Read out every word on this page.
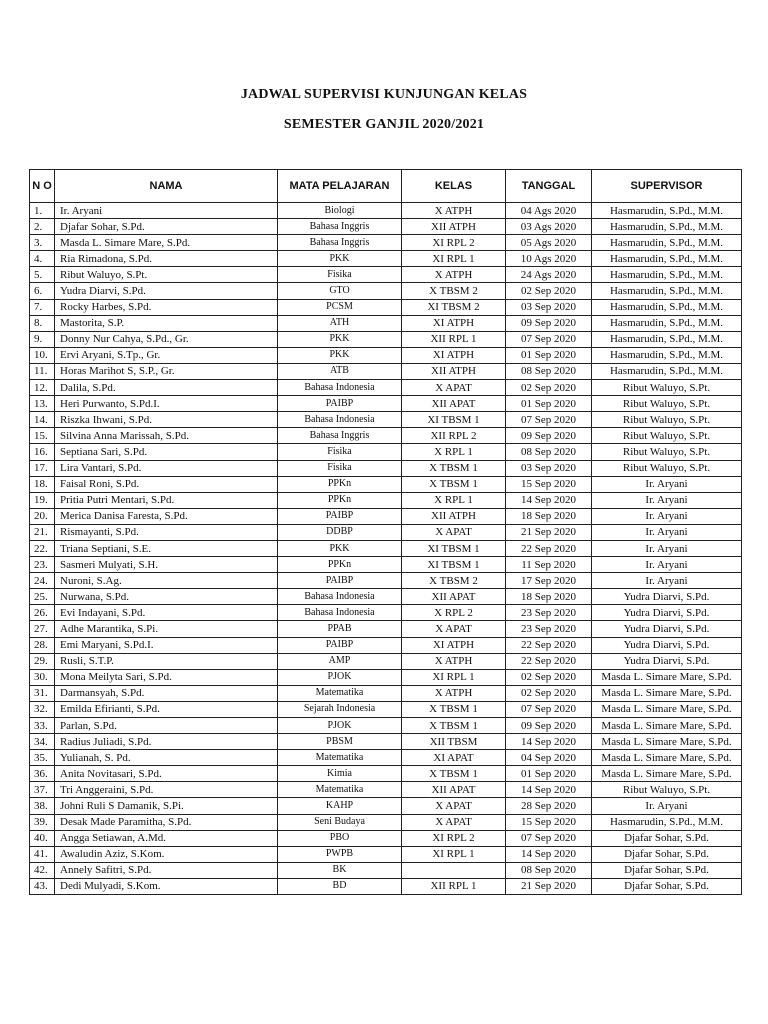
JADWAL SUPERVISI KUNJUNGAN KELAS
SEMESTER GANJIL 2020/2021
N O	NAMA	MATA PELAJARAN	KELAS	TANGGAL	SUPERVISOR
1.	Ir. Aryani	Biologi	X ATPH	04 Ags 2020	Hasmarudin, S.Pd., M.M.
2.	Djafar Sohar, S.Pd.	Bahasa Inggris	XII ATPH	03 Ags 2020	Hasmarudin, S.Pd., M.M.
3.	Masda L. Simare Mare, S.Pd.	Bahasa Inggris	XI RPL 2	05 Ags 2020	Hasmarudin, S.Pd., M.M.
4.	Ria Rimadona, S.Pd.	PKK	XI RPL 1	10 Ags 2020	Hasmarudin, S.Pd., M.M.
5.	Ribut Waluyo, S.Pt.	Fisika	X ATPH	24 Ags 2020	Hasmarudin, S.Pd., M.M.
6.	Yudra Diarvi, S.Pd.	GTO	X TBSM 2	02 Sep 2020	Hasmarudin, S.Pd., M.M.
7.	Rocky Harbes, S.Pd.	PCSM	XI TBSM 2	03 Sep 2020	Hasmarudin, S.Pd., M.M.
8.	Mastorita, S.P.	ATH	XI ATPH	09 Sep 2020	Hasmarudin, S.Pd., M.M.
9.	Donny Nur Cahya, S.Pd., Gr.	PKK	XII RPL 1	07 Sep 2020	Hasmarudin, S.Pd., M.M.
10.	Ervi Aryani, S.Tp., Gr.	PKK	XI ATPH	01 Sep 2020	Hasmarudin, S.Pd., M.M.
11.	Horas Marihot S, S.P., Gr.	ATB	XII ATPH	08 Sep 2020	Hasmarudin, S.Pd., M.M.
12.	Dalila, S.Pd.	Bahasa Indonesia	X APAT	02 Sep 2020	Ribut Waluyo, S.Pt.
13.	Heri Purwanto, S.Pd.I.	PAIBP	XII APAT	01 Sep 2020	Ribut Waluyo, S.Pt.
14.	Riszka Ihwani, S.Pd.	Bahasa Indonesia	XI TBSM 1	07 Sep 2020	Ribut Waluyo, S.Pt.
15.	Silvina Anna Marissah, S.Pd.	Bahasa Inggris	XII RPL 2	09 Sep 2020	Ribut Waluyo, S.Pt.
16.	Septiana Sari, S.Pd.	Fisika	X RPL 1	08 Sep 2020	Ribut Waluyo, S.Pt.
17.	Lira Vantari, S.Pd.	Fisika	X TBSM 1	03 Sep 2020	Ribut Waluyo, S.Pt.
18.	Faisal Roni, S.Pd.	PPKn	X TBSM 1	15 Sep 2020	Ir. Aryani
19.	Pritia Putri Mentari, S.Pd.	PPKn	X RPL 1	14 Sep 2020	Ir. Aryani
20.	Merica Danisa Faresta, S.Pd.	PAIBP	XII ATPH	18 Sep 2020	Ir. Aryani
21.	Rismayanti, S.Pd.	DDBP	X APAT	21 Sep 2020	Ir. Aryani
22.	Triana Septiani, S.E.	PKK	XI TBSM 1	22 Sep 2020	Ir. Aryani
23.	Sasmeri Mulyati, S.H.	PPKn	XI TBSM 1	11 Sep 2020	Ir. Aryani
24.	Nuroni, S.Ag.	PAIBP	X TBSM 2	17 Sep 2020	Ir. Aryani
25.	Nurwana, S.Pd.	Bahasa Indonesia	XII APAT	18 Sep 2020	Yudra Diarvi, S.Pd.
26.	Evi Indayani, S.Pd.	Bahasa Indonesia	X RPL 2	23 Sep 2020	Yudra Diarvi, S.Pd.
27.	Adhe Marantika, S.Pi.	PPAB	X APAT	23 Sep 2020	Yudra Diarvi, S.Pd.
28.	Emi Maryani, S.Pd.I.	PAIBP	XI ATPH	22 Sep 2020	Yudra Diarvi, S.Pd.
29.	Rusli, S.T.P.	AMP	X ATPH	22 Sep 2020	Yudra Diarvi, S.Pd.
30.	Mona Meilyta Sari, S.Pd.	PJOK	XI RPL 1	02 Sep 2020	Masda L. Simare Mare, S.Pd.
31.	Darmansyah, S.Pd.	Matematika	X ATPH	02 Sep 2020	Masda L. Simare Mare, S.Pd.
32.	Emilda Efirianti, S.Pd.	Sejarah Indonesia	X TBSM 1	07 Sep 2020	Masda L. Simare Mare, S.Pd.
33.	Parlan, S.Pd.	PJOK	X TBSM 1	09 Sep 2020	Masda L. Simare Mare, S.Pd.
34.	Radius Juliadi, S.Pd.	PBSM	XII TBSM	14 Sep 2020	Masda L. Simare Mare, S.Pd.
35.	Yulianah, S. Pd.	Matematika	XI APAT	04 Sep 2020	Masda L. Simare Mare, S.Pd.
36.	Anita Novitasari, S.Pd.	Kimia	X TBSM 1	01 Sep 2020	Masda L. Simare Mare, S.Pd.
37.	Tri Anggeraini, S.Pd.	Matematika	XII APAT	14 Sep 2020	Ribut Waluyo, S.Pt.
38.	Johni Ruli S Damanik, S.Pi.	KAHP	X APAT	28 Sep 2020	Ir. Aryani
39.	Desak Made Paramitha, S.Pd.	Seni Budaya	X APAT	15 Sep 2020	Hasmarudin, S.Pd., M.M.
40.	Angga Setiawan, A.Md.	PBO	XI RPL 2	07 Sep 2020	Djafar Sohar, S.Pd.
41.	Awaludin Aziz, S.Kom.	PWPB	XI RPL 1	14 Sep 2020	Djafar Sohar, S.Pd.
42.	Annely Safitri, S.Pd.	BK		08 Sep 2020	Djafar Sohar, S.Pd.
43.	Dedi Mulyadi, S.Kom.	BD	XII RPL 1	21 Sep 2020	Djafar Sohar, S.Pd.
